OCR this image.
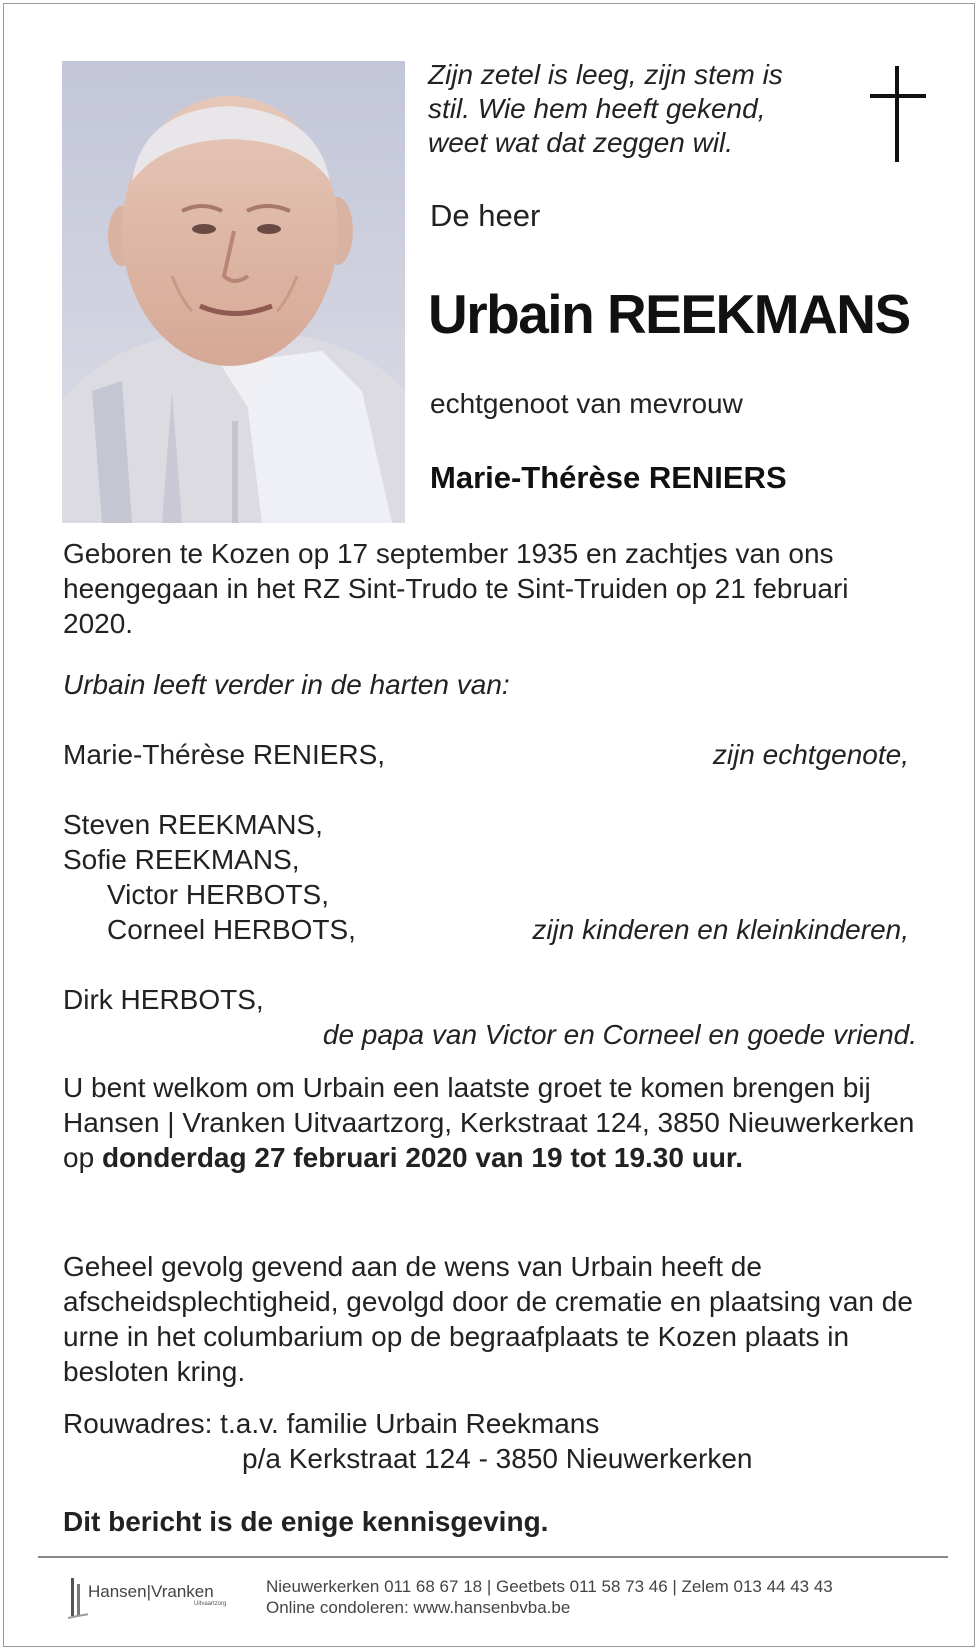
Zijn zetel is leeg, zijn stem is
stil. Wie hem heeft gekend,
weet wat dat zeggen wil.
De heer
Urbain REEKMANS
echtgenoot van mevrouw
Marie-Thérèse RENIERS
Geboren te Kozen op 17 september 1935 en zachtjes van ons heengegaan in het RZ Sint-Trudo te Sint-Truiden op 21 februari 2020.
Urbain leeft verder in de harten van:
Marie-Thérèse RENIERS,	zijn echtgenote,
Steven REEKMANS,
Sofie REEKMANS,
Victor HERBOTS,
Corneel HERBOTS,	zijn kinderen en kleinkinderen,
Dirk HERBOTS,
de papa van Victor en Corneel en goede vriend.
U bent welkom om Urbain een laatste groet te komen brengen bij Hansen | Vranken Uitvaartzorg, Kerkstraat 124, 3850 Nieuwerkerken op donderdag 27 februari 2020 van 19 tot 19.30 uur.
Geheel gevolg gevend aan de wens van Urbain heeft de afscheidsplechtigheid, gevolgd door de crematie en plaatsing van de urne in het columbarium op de begraafplaats te Kozen plaats in besloten kring.
Rouwadres: t.a.v. familie Urbain Reekmans
p/a Kerkstraat 124 - 3850 Nieuwerkerken
Dit bericht is de enige kennisgeving.
Hansen|Vranken
Uitvaartzorg
Nieuwerkerken 011 68 67 18 | Geetbets 011 58 73 46 | Zelem 013 44 43 43
Online condoleren: www.hansenbvba.be
